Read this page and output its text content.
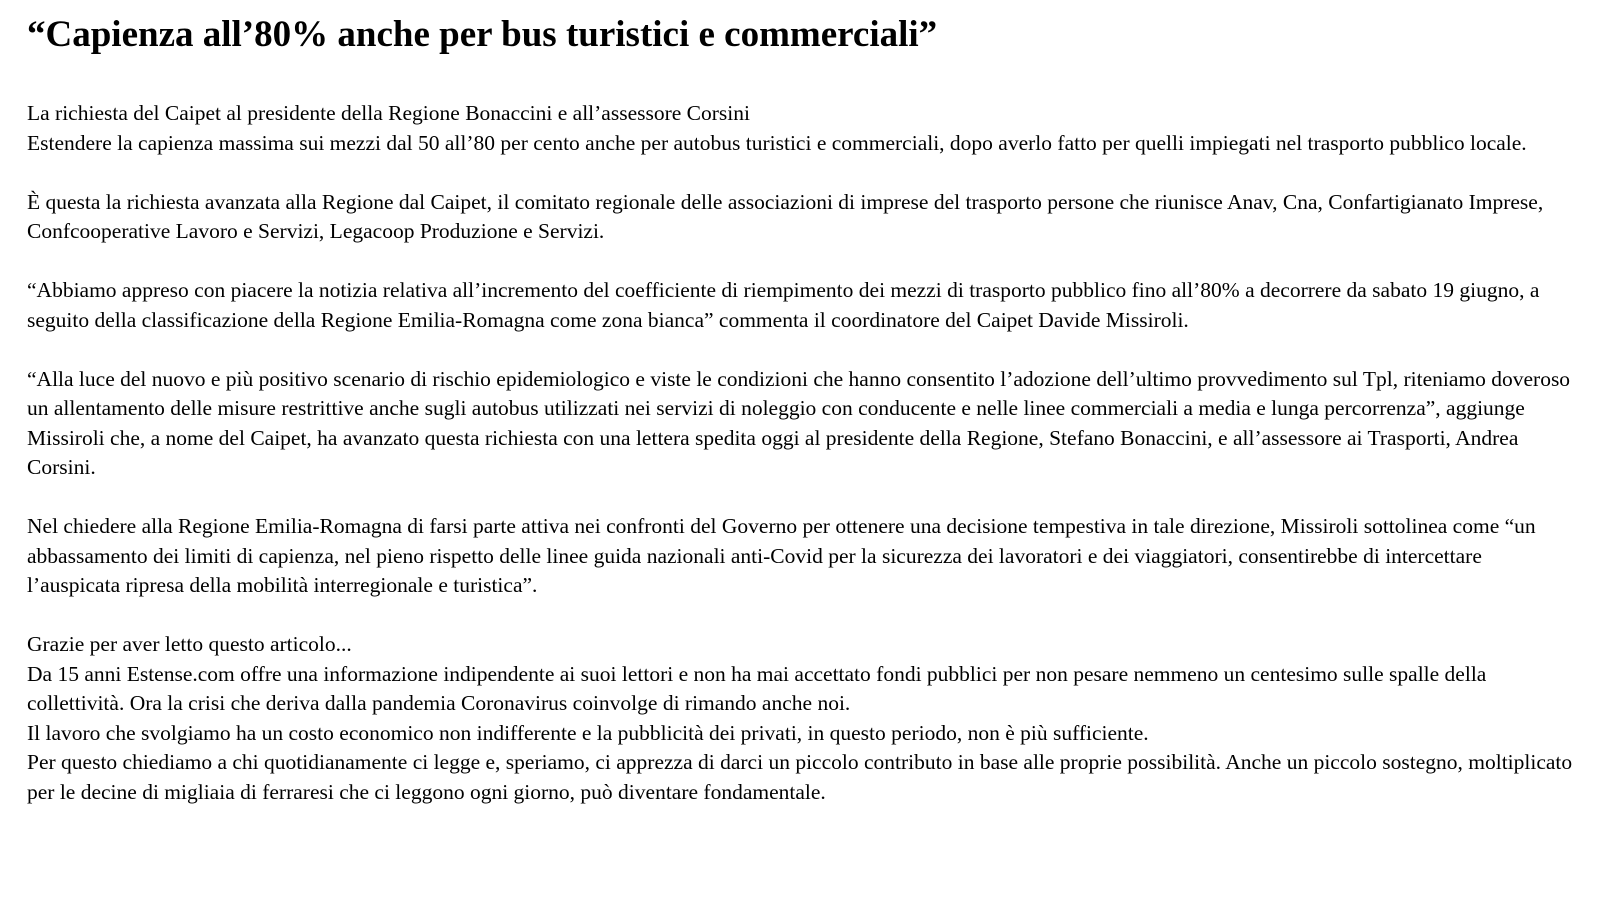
“Capienza all’80% anche per bus turistici e commerciali”

La richiesta del Caipet al presidente della Regione Bonaccini e all’assessore Corsini
Estendere la capienza massima sui mezzi dal 50 all’80 per cento anche per autobus turistici e commerciali, dopo averlo fatto per quelli impiegati nel trasporto pubblico locale.

È questa la richiesta avanzata alla Regione dal Caipet, il comitato regionale delle associazioni di imprese del trasporto persone che riunisce Anav, Cna, Confartigianato Imprese, Confcooperative Lavoro e Servizi, Legacoop Produzione e Servizi.

“Abbiamo appreso con piacere la notizia relativa all’incremento del coefficiente di riempimento dei mezzi di trasporto pubblico fino all’80% a decorrere da sabato 19 giugno, a seguito della classificazione della Regione Emilia-Romagna come zona bianca” commenta il coordinatore del Caipet Davide Missiroli.

“Alla luce del nuovo e più positivo scenario di rischio epidemiologico e viste le condizioni che hanno consentito l’adozione dell’ultimo provvedimento sul Tpl, riteniamo doveroso un allentamento delle misure restrittive anche sugli autobus utilizzati nei servizi di noleggio con conducente e nelle linee commerciali a media e lunga percorrenza”, aggiunge Missiroli che, a nome del Caipet, ha avanzato questa richiesta con una lettera spedita oggi al presidente della Regione, Stefano Bonaccini, e all’assessore ai Trasporti, Andrea Corsini.

Nel chiedere alla Regione Emilia-Romagna di farsi parte attiva nei confronti del Governo per ottenere una decisione tempestiva in tale direzione, Missiroli sottolinea come “un abbassamento dei limiti di capienza, nel pieno rispetto delle linee guida nazionali anti-Covid per la sicurezza dei lavoratori e dei viaggiatori, consentirebbe di intercettare l’auspicata ripresa della mobilità interregionale e turistica”.

Grazie per aver letto questo articolo...
Da 15 anni Estense.com offre una informazione indipendente ai suoi lettori e non ha mai accettato fondi pubblici per non pesare nemmeno un centesimo sulle spalle della collettività. Ora la crisi che deriva dalla pandemia Coronavirus coinvolge di rimando anche noi.
Il lavoro che svolgiamo ha un costo economico non indifferente e la pubblicità dei privati, in questo periodo, non è più sufficiente.
Per questo chiediamo a chi quotidianamente ci legge e, speriamo, ci apprezza di darci un piccolo contributo in base alle proprie possibilità. Anche un piccolo sostegno, moltiplicato per le decine di migliaia di ferraresi che ci leggono ogni giorno, può diventare fondamentale.
